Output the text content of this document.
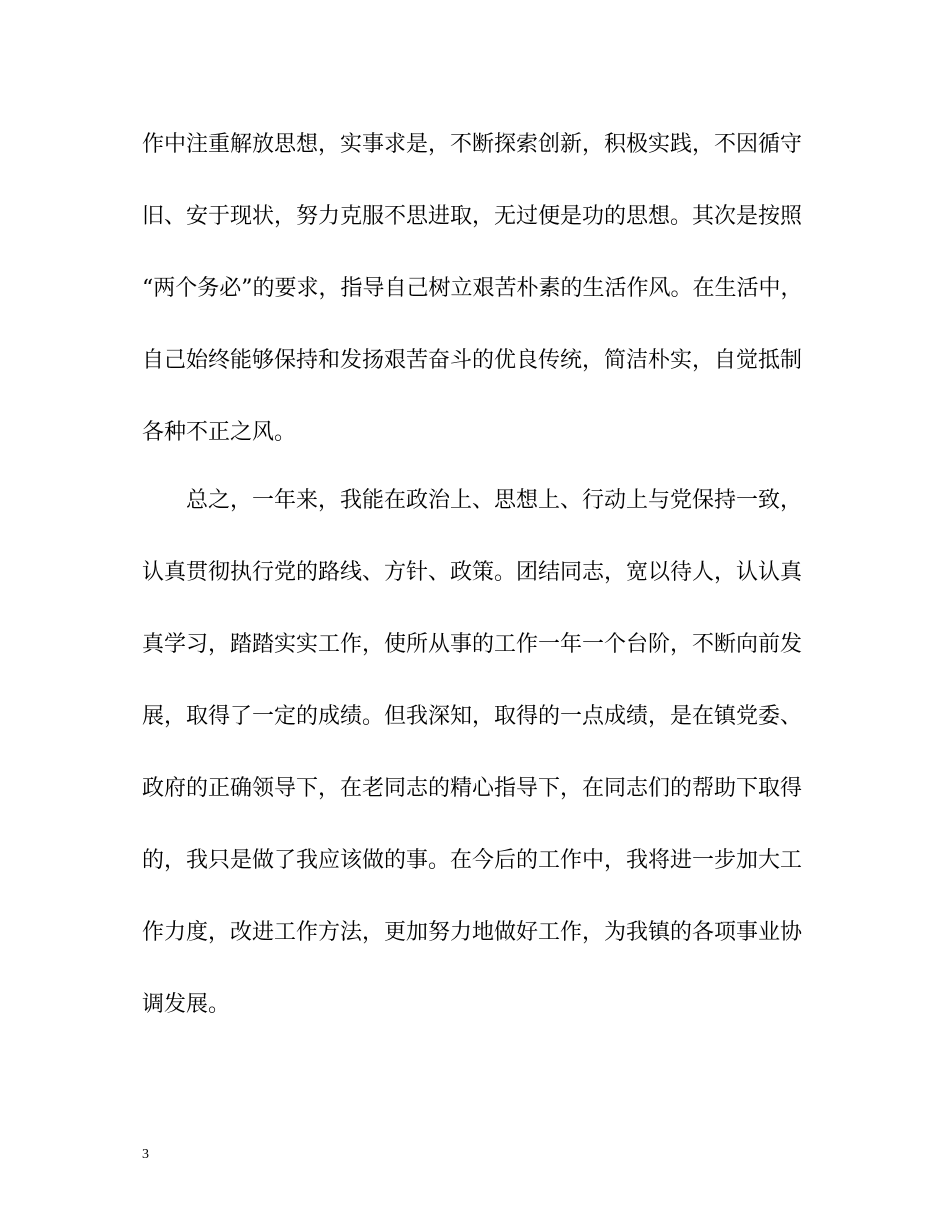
作中注重解放思想，实事求是，不断探索创新，积极实践，不因循守
旧、安于现状，努力克服不思进取，无过便是功的思想。其次是按照
“两个务必”的要求，指导自己树立艰苦朴素的生活作风。在生活中，
自己始终能够保持和发扬艰苦奋斗的优良传统，简洁朴实，自觉抵制
各种不正之风。
总之，一年来，我能在政治上、思想上、行动上与党保持一致，
认真贯彻执行党的路线、方针、政策。团结同志，宽以待人，认认真
真学习，踏踏实实工作，使所从事的工作一年一个台阶，不断向前发
展，取得了一定的成绩。但我深知，取得的一点成绩，是在镇党委、
政府的正确领导下，在老同志的精心指导下，在同志们的帮助下取得
的，我只是做了我应该做的事。在今后的工作中，我将进一步加大工
作力度，改进工作方法，更加努力地做好工作，为我镇的各项事业协
调发展。
3
